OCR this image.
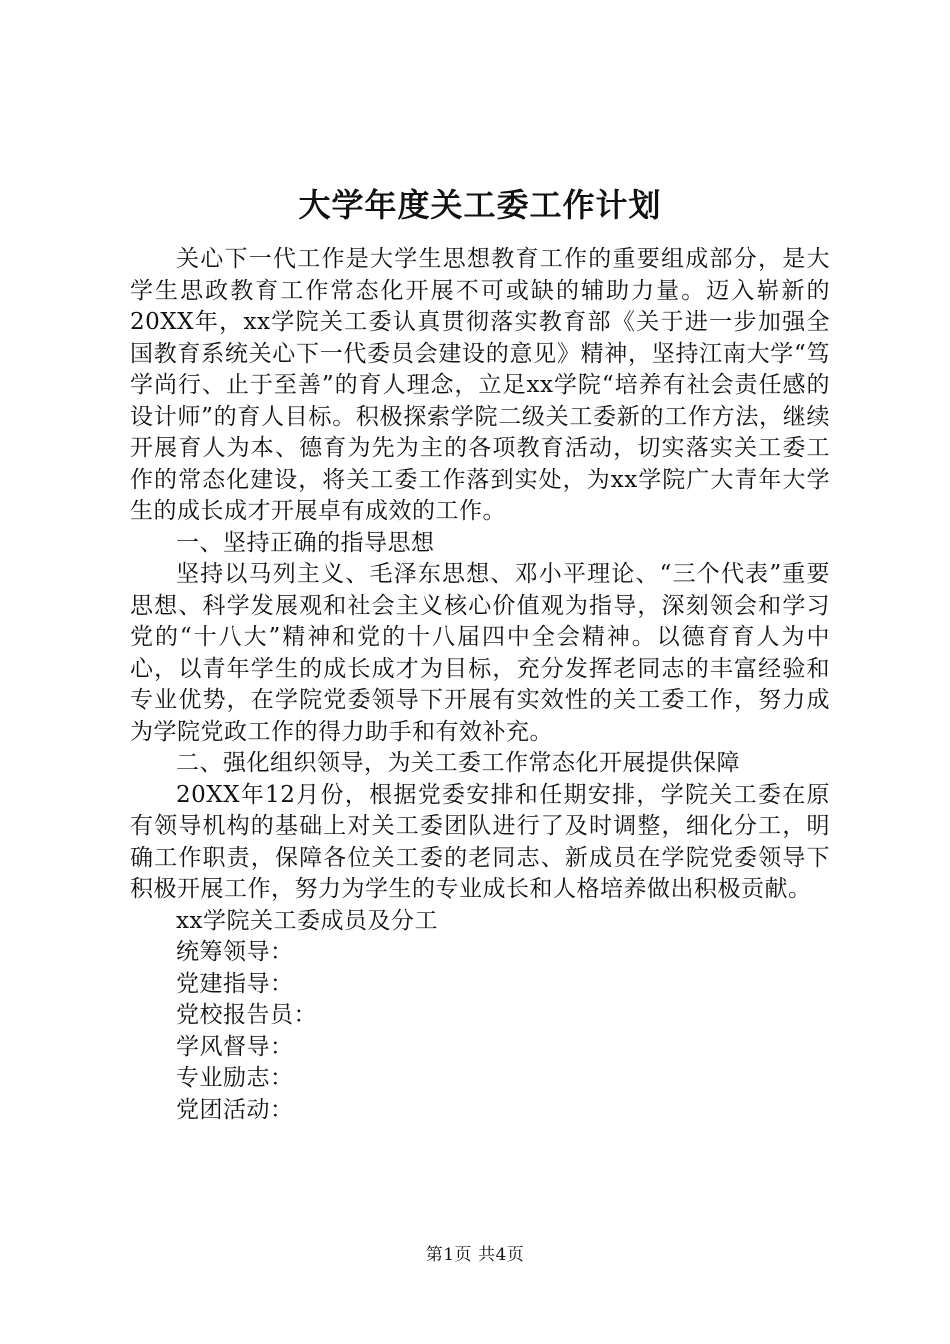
大学年度关工委工作计划

关心下一代工作是大学生思想教育工作的重要组成部分，是大学生思政教育工作常态化开展不可或缺的辅助力量。迈入崭新的20XX年，xx学院关工委认真贯彻落实教育部《关于进一步加强全国教育系统关心下一代委员会建设的意见》精神，坚持江南大学“笃学尚行、止于至善”的育人理念，立足xx学院“培养有社会责任感的设计师”的育人目标。积极探索学院二级关工委新的工作方法，继续开展育人为本、德育为先为主的各项教育活动，切实落实关工委工作的常态化建设，将关工委工作落到实处，为xx学院广大青年大学生的成长成才开展卓有成效的工作。

一、坚持正确的指导思想

坚持以马列主义、毛泽东思想、邓小平理论、“三个代表”重要思想、科学发展观和社会主义核心价值观为指导，深刻领会和学习党的“十八大”精神和党的十八届四中全会精神。以德育育人为中心，以青年学生的成长成才为目标，充分发挥老同志的丰富经验和专业优势，在学院党委领导下开展有实效性的关工委工作，努力成为学院党政工作的得力助手和有效补充。

二、强化组织领导，为关工委工作常态化开展提供保障

20XX年12月份，根据党委安排和任期安排，学院关工委在原有领导机构的基础上对关工委团队进行了及时调整，细化分工，明确工作职责，保障各位关工委的老同志、新成员在学院党委领导下积极开展工作，努力为学生的专业成长和人格培养做出积极贡献。

xx学院关工委成员及分工
统筹领导：
党建指导：
党校报告员：
学风督导：
专业励志：
党团活动：
第1页 共4页
